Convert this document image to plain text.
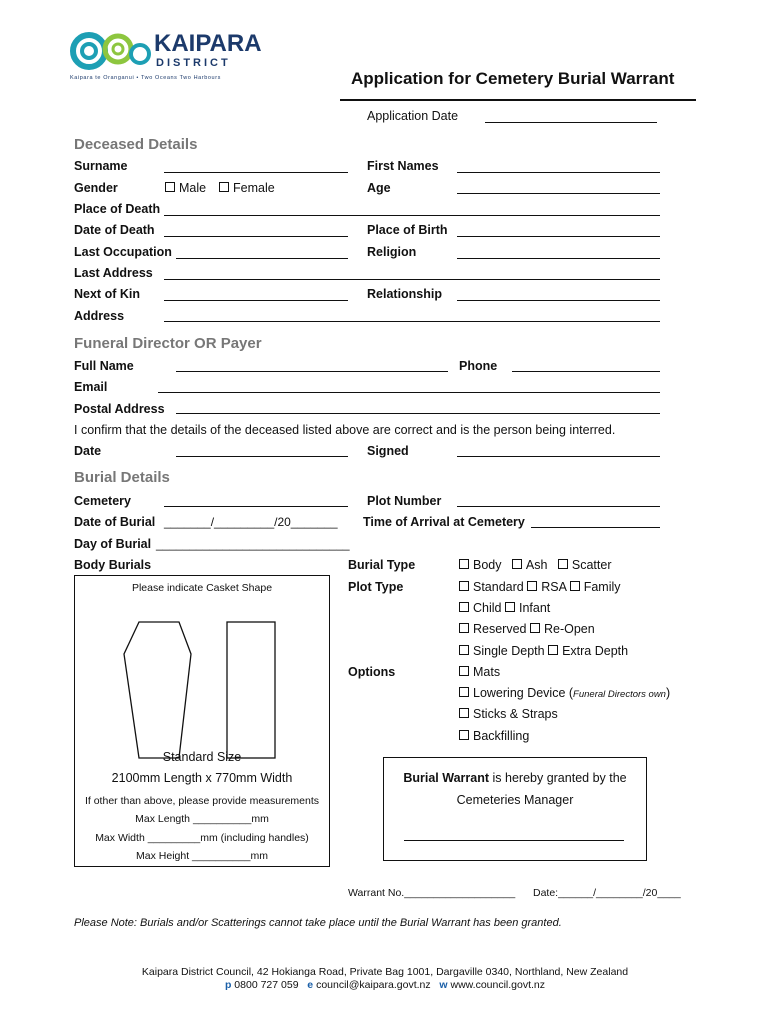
KAIPARA
DISTRICT
Kaipara te Oranganui • Two Oceans Two Harbours	Application for Cemetery Burial Warrant
Application Date
Deceased Details
Surname	First Names
Gender	Male	Female	Age
Place of Death
Date of Death	Place of Birth
Last Occupation	Religion
Last Address
Next of Kin	Relationship
Address
Funeral Director OR Payer
Full Name	Phone
Email
Postal Address
I confirm that the details of the deceased listed above are correct and is the person being interred.
Date	Signed
Burial Details
Cemetery	Plot Number
Date of Burial _______/_________/20_______ Time of Arrival at Cemetery
Day of Burial _____________________________
Body Burials
Please indicate Casket Shape
Standard Size
2100mm Length x 770mm Width
If other than above, please provide measurements
Max Length __________mm
Max Width _________mm (including handles)
Max Height __________mm
Burial Type	Body Ash Scatter
Plot Type	Standard RSA Family
Child Infant
Reserved Re-Open
Single Depth Extra Depth
Options	Mats
Lowering Device (Funeral Directors own)
Sticks & Straps
Backfilling
Burial Warrant is hereby granted by the
Cemeteries Manager
Warrant No.___________________ Date:______/________/20____
Please Note: Burials and/or Scatterings cannot take place until the Burial Warrant has been granted.
Kaipara District Council, 42 Hokianga Road, Private Bag 1001, Dargaville 0340, Northland, New Zealand
p 0800 727 059 e council@kaipara.govt.nz w www.council.govt.nz
